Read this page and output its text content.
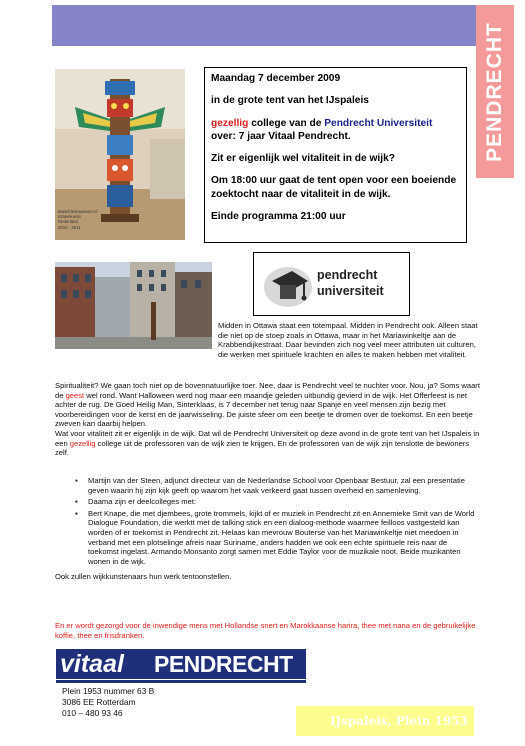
PENDRECHT
www.friesmuseum.nl
Kralenkunst
Nederland
2010 - 2011

Maandag 7 december 2009

in de grote tent van het IJspaleis

gezellig college van de Pendrecht Universiteit
over: 7 jaar Vitaal Pendrecht.

Zit er eigenlijk wel vitaliteit in de wijk?

Om 18:00 uur gaat de tent open voor een boeiende zoektocht naar de vitaliteit in de wijk.

Einde programma 21:00 uur

pendrecht
universiteit
Midden in Ottawa staat een totempaal. Midden in Pendrecht ook. Alleen staat die niet op de stoep zoals in Ottawa, maar in het Mariawinkeltje aan de Krabbendijkestraat. Daar bevinden zich nog veel meer attributen uit culturen, die werken met spirituele krachten en alles te maken hebben met vitaliteit.
Spiritualiteit? We gaan toch niet op de bovennatuurlijke toer. Nee, daar is Pendrecht veel te nuchter voor. Nou, ja? Soms waart de geest wel rond. Want Halloween werd nog maar een maandje geleden uitbundig gevierd in de wijk. Het Offerfeest is net achter de rug. De Goed Heilig Man, Sinterklaas, is 7 december net terug naar Spanje en veel mensen zijn bezig met voorbereidingen voor de kerst en de jaarwisseling. De juiste sfeer om een beetje te dromen over de toekomst. En een beetje zweven kan daarbij helpen.
Wat voor vitaliteit zit er eigenlijk in de wijk. Dat wil de Pendrecht Universiteit op deze avond in de grote tent van het IJspaleis in een gezellig college uit de professoren van de wijk zien te krijgen. En de professoren van de wijk zijn tenslotte de bewoners zelf.
▪ Martijn van der Steen, adjunct directeur van de Nederlandse School voor Openbaar Bestuur, zal een presentatie geven waarin hij zijn kijk geeft op waarom het vaak verkeerd gaat tussen overheid en samenleving.
▪ Daama zijn er deelcolleges met:
▪ Bert Knape, die met djembees, grote trommels, kijkt of er muziek in Pendrecht zit en Annemieke Smit van de World Dialogue Foundation, die werktt met de talking stick en een dialoog-methode waarmee feilloos vastgesteld kan worden of er toekomst in Pendrecht zit. Helaas kan mevrouw Bouterse van het Mariawinkeltje niet meedoen in verband met een plotselinge afreis naar Suriname, anders hadden we ook een echte spirituele reis naar de toekomst ingelast. Armando Monsanto zorgt samen met Eddie Taylor voor de muzikale noot. Beide muzikanten wonen in de wijk.
Ook zullen wijkkunstenaars hun werk tentoonstellen.
En er wordt gezorgd voor de inwendige mens met Hollandse snert en Marokkaanse harira, thee met nana en de gebruikelijke koffie, thee en frisdranken.
vitaal PENDRECHT
Plein 1953 nummer 63 B
3086 EE Rotterdam
010 – 480 93 46
IJspaleis, Plein 1953
